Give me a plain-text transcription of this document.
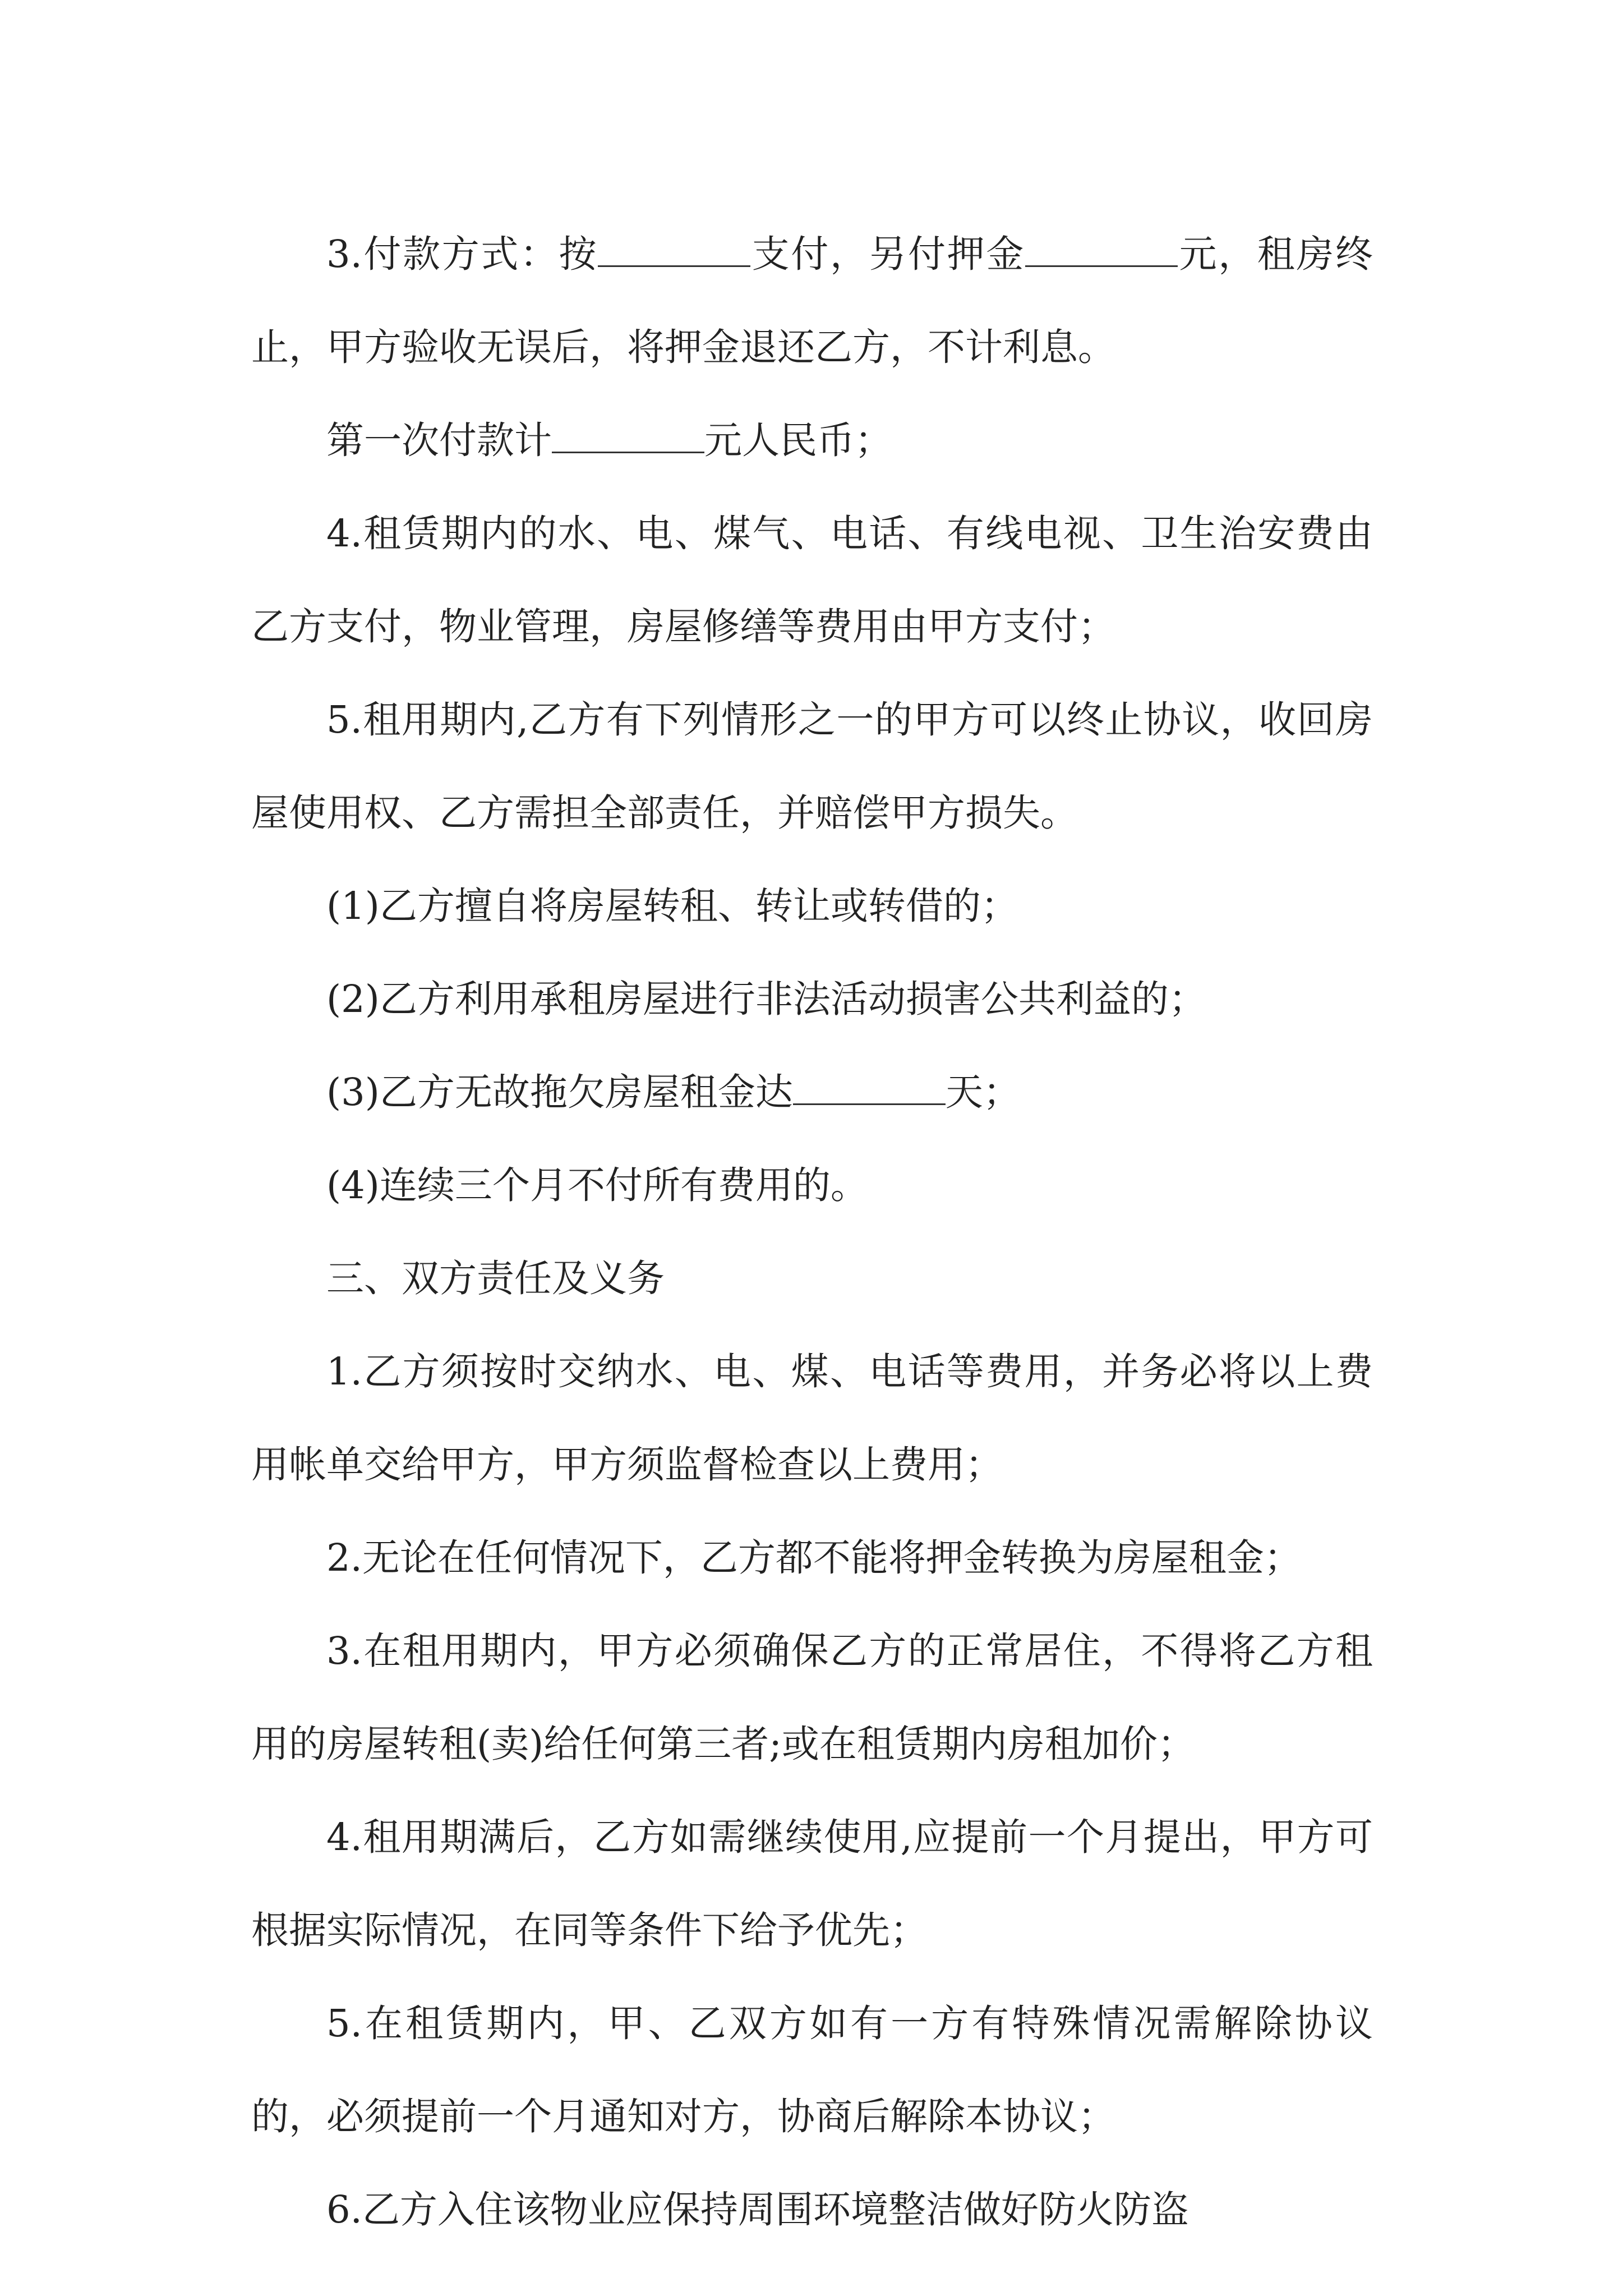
3.付款方式：按	支付，另付押金	元，租房终止，甲方验收无误后，将押金退还乙方，不计利息。

第一次付款计	元人民币；

4.租赁期内的水、电、煤气、电话、有线电视、卫生治安费由乙方支付，物业管理，房屋修缮等费用由甲方支付；

5.租用期内,乙方有下列情形之一的甲方可以终止协议，收回房屋使用权、乙方需担全部责任，并赔偿甲方损失。

(1)乙方擅自将房屋转租、转让或转借的；

(2)乙方利用承租房屋进行非法活动损害公共利益的；

(3)乙方无故拖欠房屋租金达	天；

(4)连续三个月不付所有费用的。

三、双方责任及义务

1.乙方须按时交纳水、电、煤、电话等费用，并务必将以上费用帐单交给甲方，甲方须监督检查以上费用；

2.无论在任何情况下，乙方都不能将押金转换为房屋租金；

3.在租用期内，甲方必须确保乙方的正常居住，不得将乙方租用的房屋转租(卖)给任何第三者;或在租赁期内房租加价；

4.租用期满后，乙方如需继续使用,应提前一个月提出，甲方可根据实际情况，在同等条件下给予优先；

5.在租赁期内，甲、乙双方如有一方有特殊情况需解除协议的，必须提前一个月通知对方，协商后解除本协议；

6.乙方入住该物业应保持周围环境整洁做好防火防盗
